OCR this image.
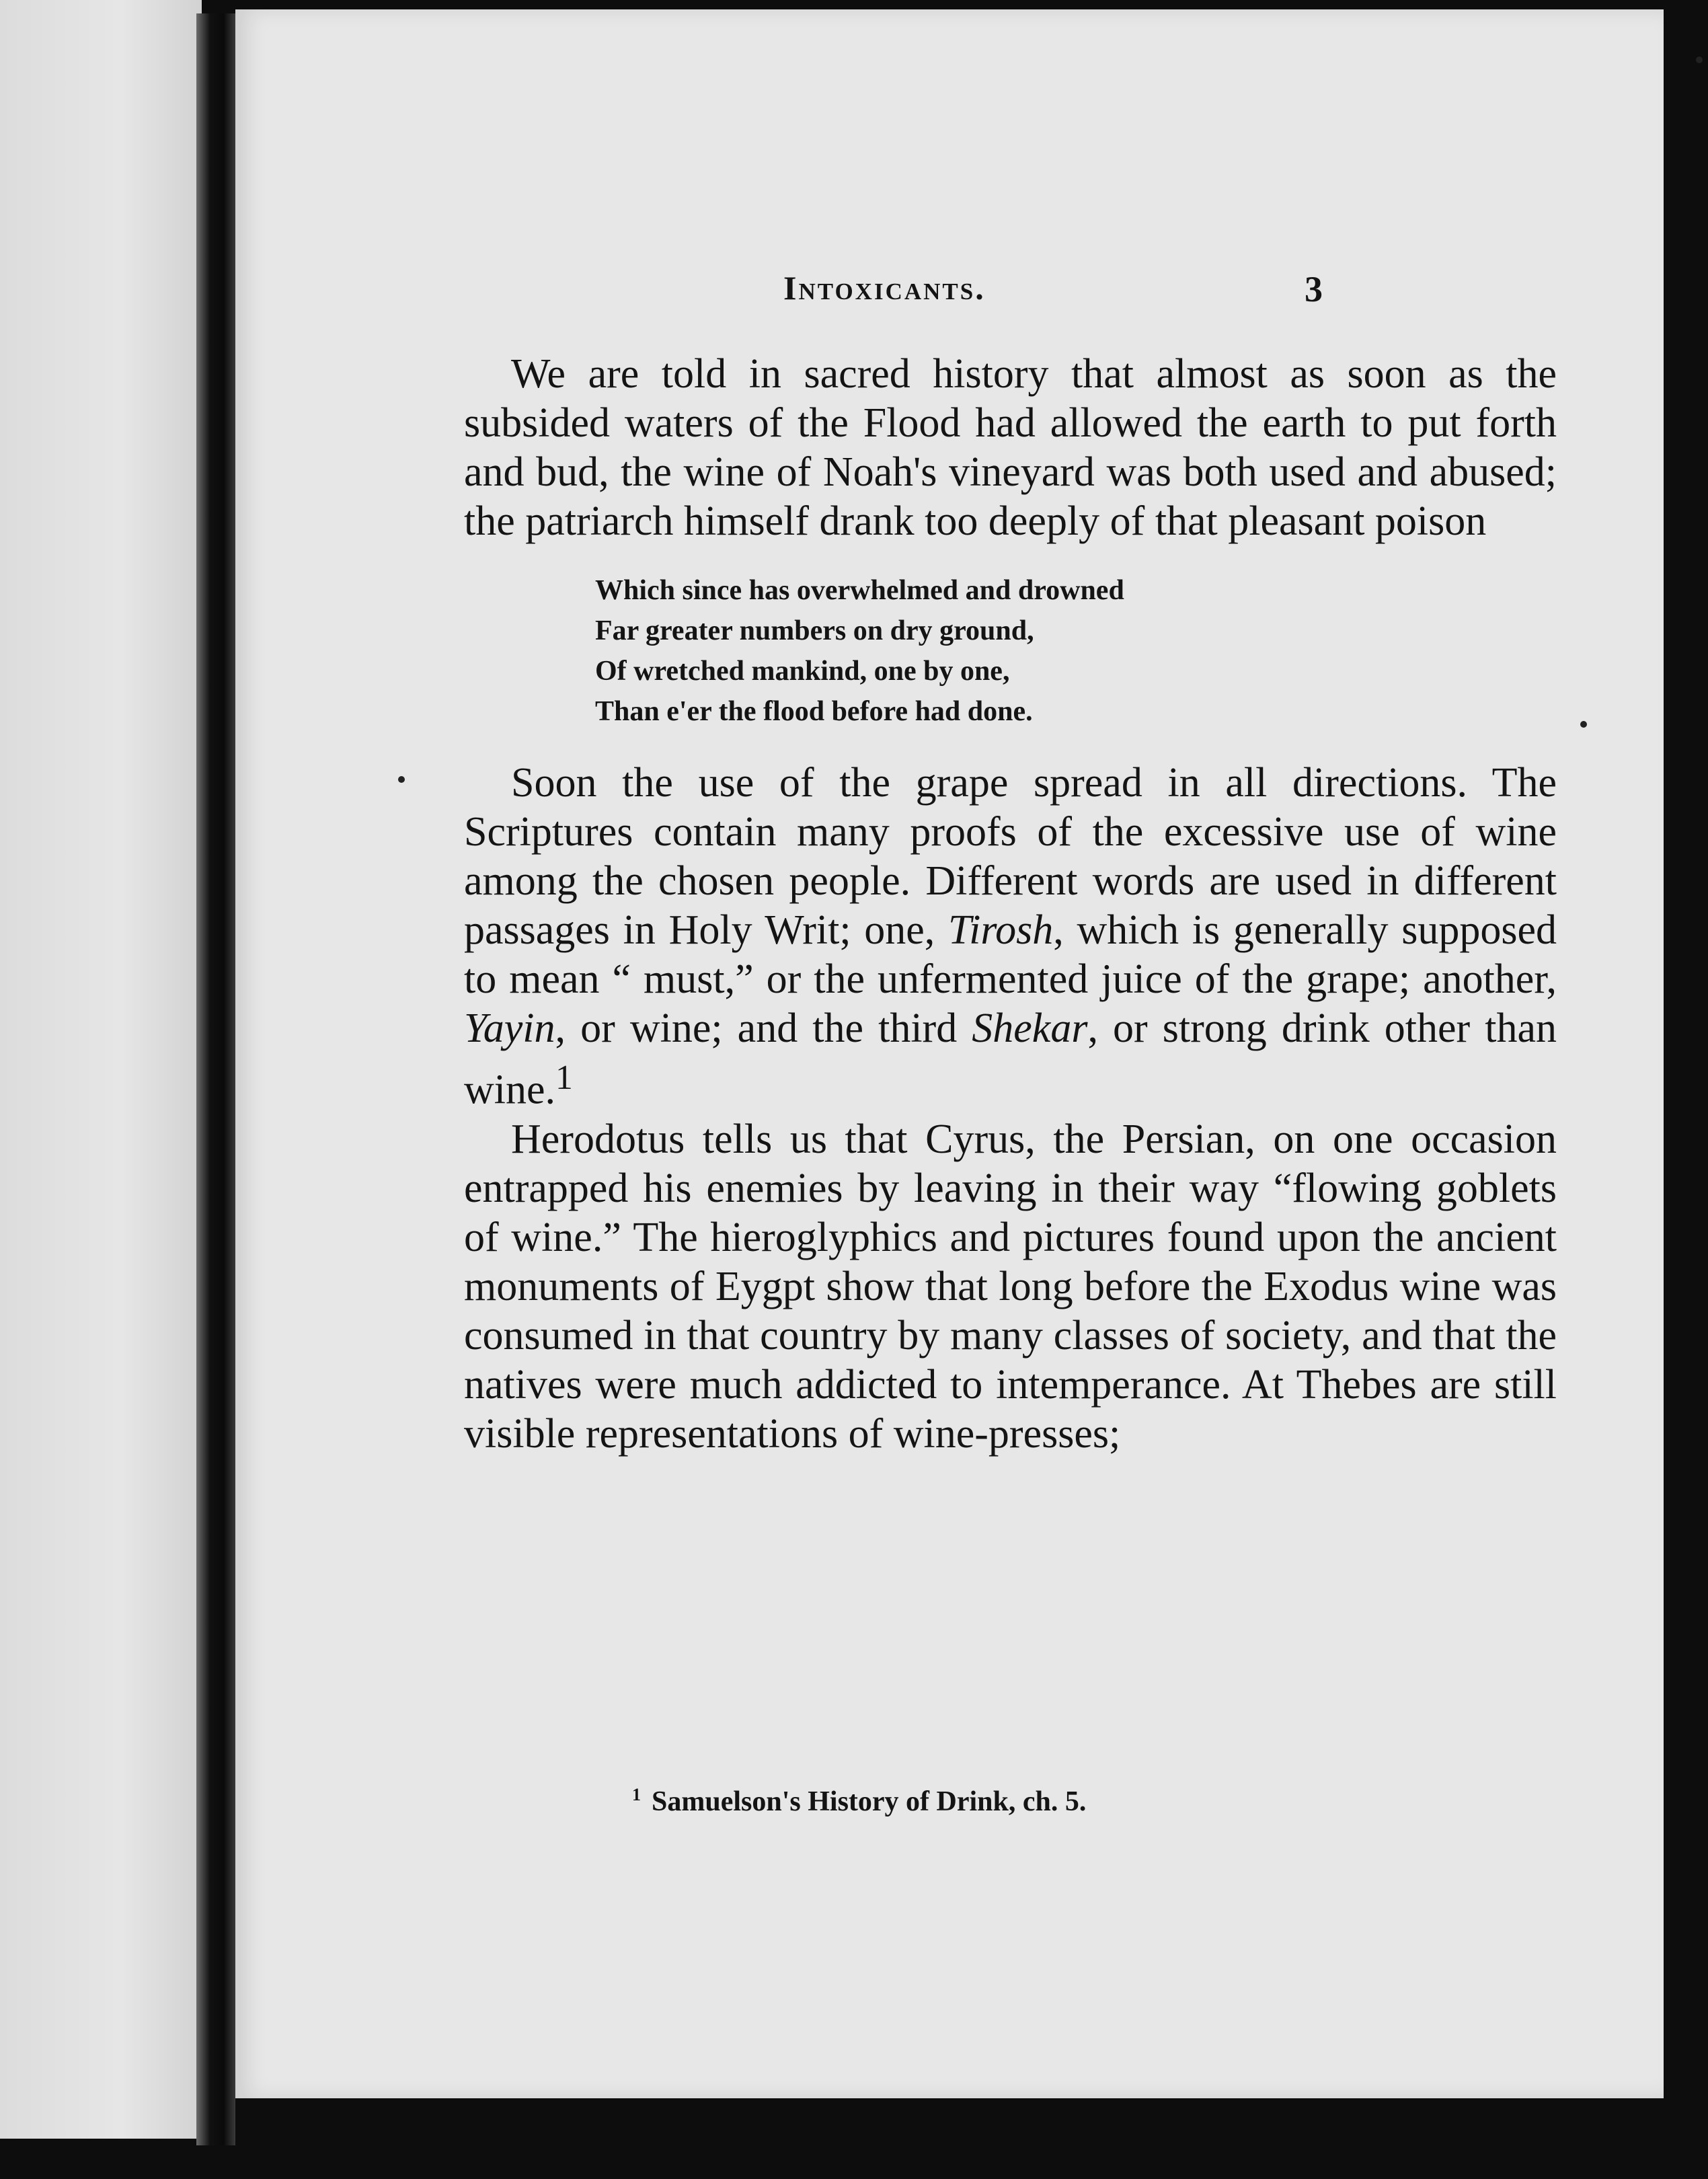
Intoxicants.	3

We are told in sacred history that almost as soon as the subsided waters of the Flood had allowed the earth to put forth and bud, the wine of Noah's vineyard was both used and abused; the patriarch himself drank too deeply of that pleasant poison

Which since has overwhelmed and drowned
Far greater numbers on dry ground,
Of wretched mankind, one by one,
Than e'er the flood before had done.

Soon the use of the grape spread in all directions. The Scriptures contain many proofs of the excessive use of wine among the chosen people. Different words are used in different passages in Holy Writ; one, Tirosh, which is generally supposed to mean “ must,” or the unfermented juice of the grape; another, Yayin, or wine; and the third Shekar, or strong drink other than wine.$^1$

Herodotus tells us that Cyrus, the Persian, on one occasion entrapped his enemies by leaving in their way “flowing goblets of wine.” The hieroglyphics and pictures found upon the ancient monuments of Eygpt show that long before the Exodus wine was consumed in that country by many classes of society, and that the natives were much addicted to intemperance. At Thebes are still visible representations of wine-presses;

$^1$ Samuelson's History of Drink, ch. 5.
